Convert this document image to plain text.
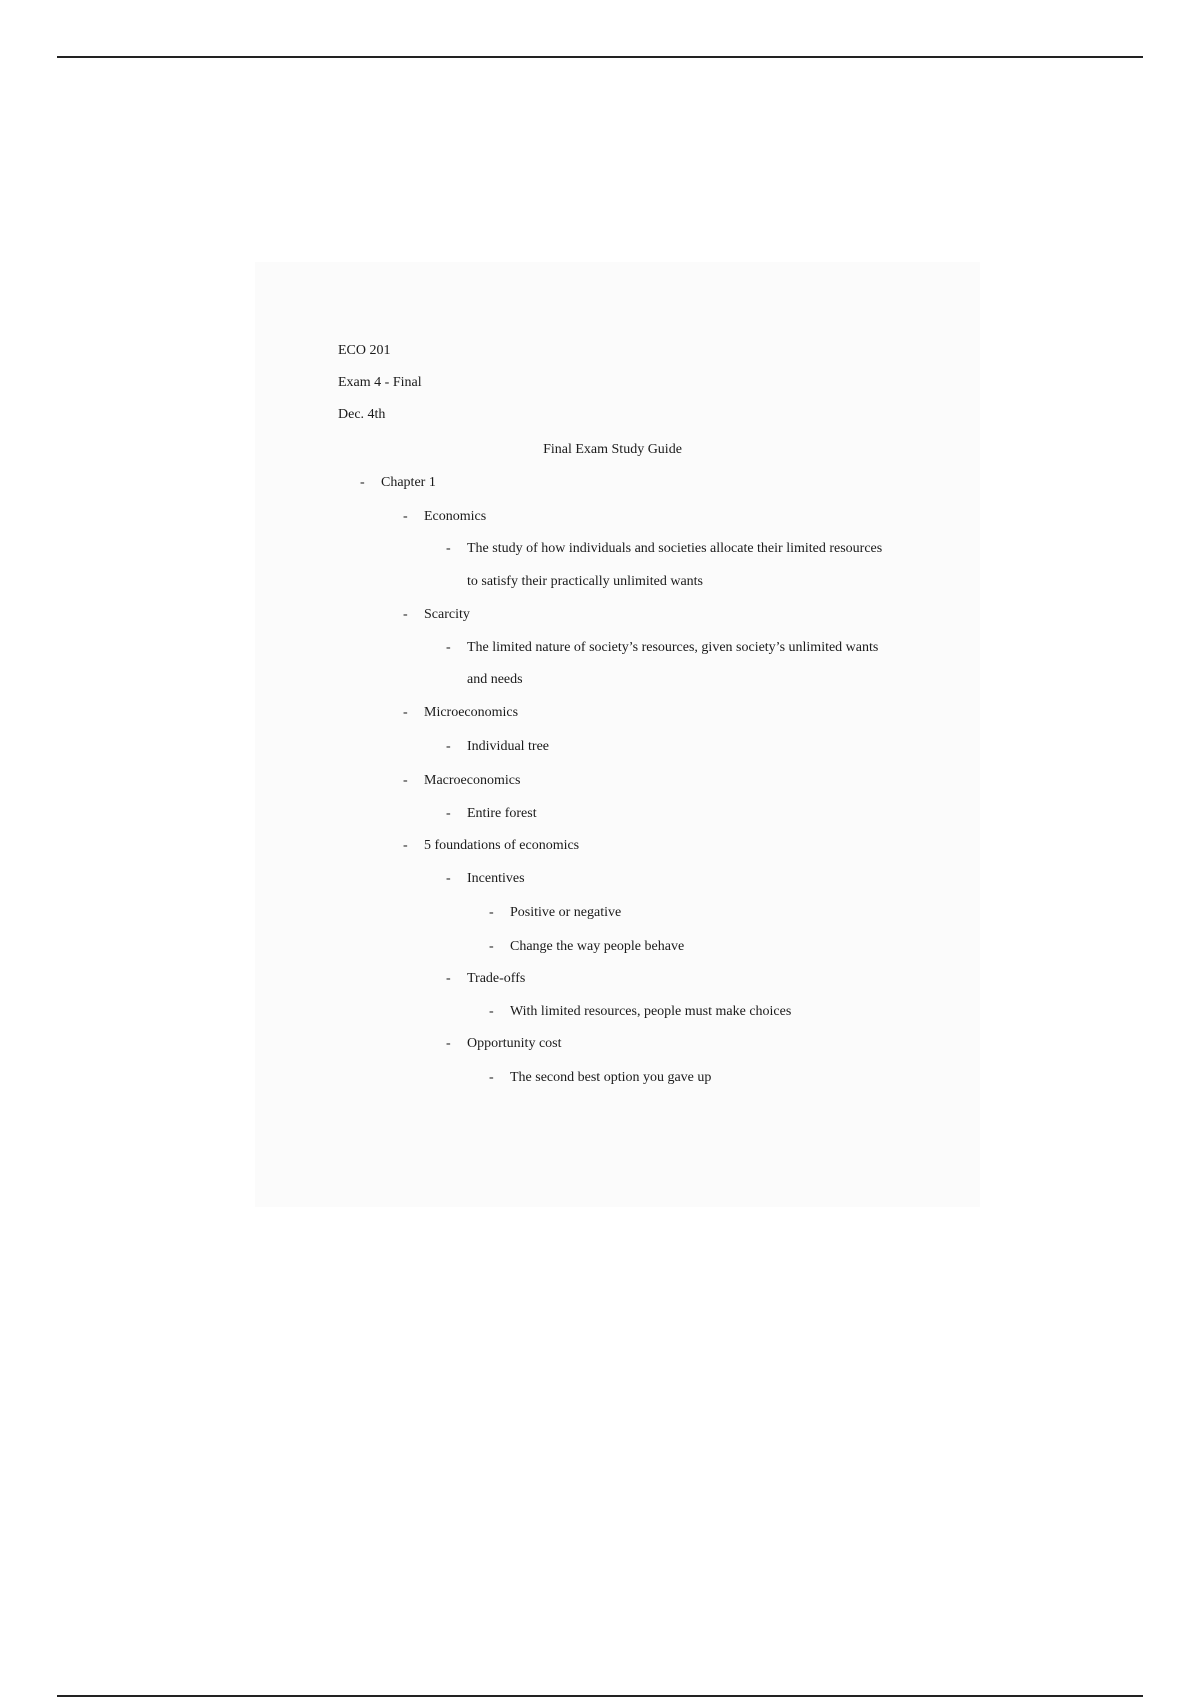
ECO 201
Exam 4 - Final
Dec. 4th
Final Exam Study Guide
- Chapter 1
- Economics
- The study of how individuals and societies allocate their limited resources
to satisfy their practically unlimited wants
- Scarcity
- The limited nature of society’s resources, given society’s unlimited wants
and needs
- Microeconomics
- Individual tree
- Macroeconomics
- Entire forest
- 5 foundations of economics
- Incentives
- Positive or negative
- Change the way people behave
- Trade-offs
- With limited resources, people must make choices
- Opportunity cost
- The second best option you gave up
